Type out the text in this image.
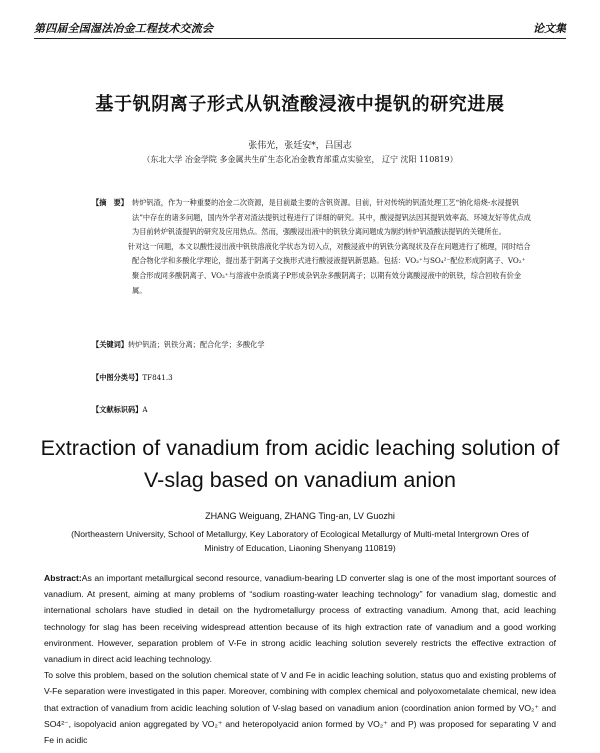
第四届全国湿法冶金工程技术交流会	论文集
基于钒阴离子形式从钒渣酸浸液中提钒的研究进展
张伟光，张廷安*，吕国志
（东北大学 冶金学院 多金属共生矿生态化冶金教育部重点实验室， 辽宁 沈阳 110819）
【摘　要】 转炉钒渣，作为一种重要的冶金二次资源，是目前最主要的含钒资源。目前，针对传统的钒渣处理工艺“钠化焙烧-水浸提钒法”中存在的诸多问题，国内外学者对渣法提钒过程进行了详细的研究。其中，酸浸提钒法因其提钒效率高、环境友好等优点成为目前转炉钒渣提钒的研究及应用热点。然而，强酸浸出液中的钒铁分离问题成为制约转炉钒渣酸法提钒的关键所在。

针对这一问题，本文以酸性浸出液中钒铁溶液化学状态为切入点，对酸浸液中的钒铁分离现状及存在问题进行了梳理，同时结合配合物化学和多酸化学理论，提出基于阴离子交换形式进行酸浸液提钒新思路。包括：VO₂⁺与SO₄²⁻配位形成阴离子、VO₂⁺聚合形成同多酸阴离子、VO₂⁺与溶液中杂质离子P形成杂钒杂多酸阴离子；以期有效分离酸浸液中的钒铁，综合回收有价金属。

【关键词】转炉钒渣；钒铁分离；配合化学；多酸化学
【中图分类号】TF841.3
【文献标识码】A
Extraction of vanadium from acidic leaching solution of
V-slag based on vanadium anion
ZHANG Weiguang, ZHANG Ting-an, LV Guozhi
(Northeastern University, School of Metallurgy, Key Laboratory of Ecological Metallurgy of Multi-metal Intergrown Ores of Ministry of Education, Liaoning Shenyang 110819)

Abstract:As an important metallurgical second resource, vanadium-bearing LD converter slag is one of the most important sources of vanadium. At present, aiming at many problems of “sodium roasting-water leaching technology” for vanadium slag, domestic and international scholars have studied in detail on the hydrometallurgy process of extracting vanadium. Among that, acid leaching technology for slag has been receiving widespread attention because of its high extraction rate of vanadium and a good working environment. However, separation problem of V-Fe in strong acidic leaching solution severely restricts the effective extraction of vanadium in direct acid leaching technology.

To solve this problem, based on the solution chemical state of V and Fe in acidic leaching solution, status quo and existing problems of V-Fe separation were investigated in this paper. Moreover, combining with complex chemical and polyoxometalate chemical, new idea that extraction of vanadium from acidic leaching solution of V-slag based on vanadium anion (coordination anion formed by VO₂⁺ and SO4²⁻, isopolyacid anion aggregated by VO₂⁺ and heteropolyacid anion formed by VO₂⁺ and P) was proposed for separating V and Fe in acidic
